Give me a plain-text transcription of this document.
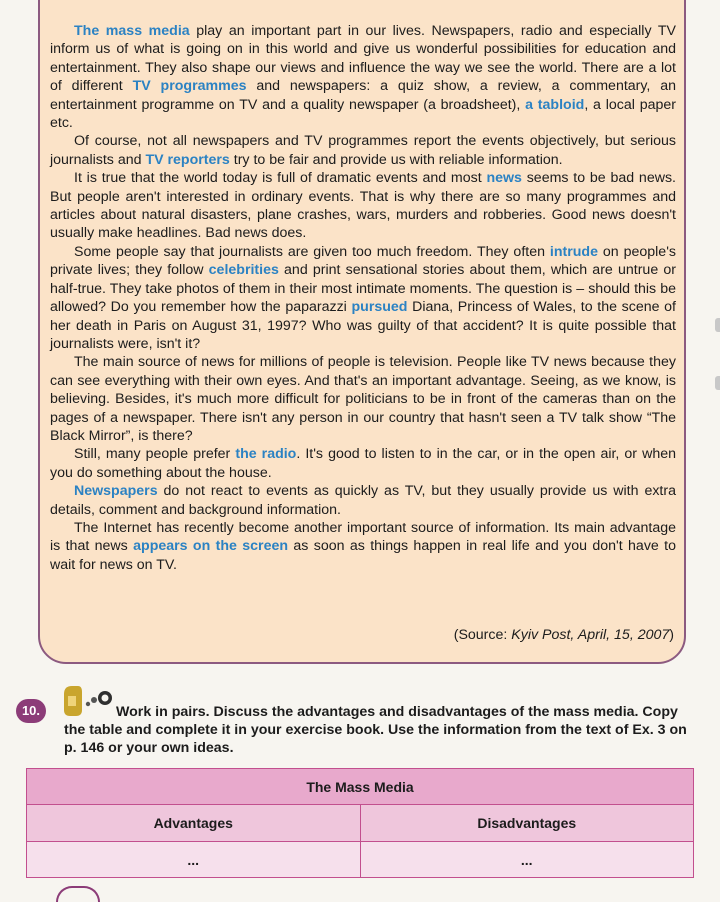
The mass media play an important part in our lives. Newspapers, radio and especially TV inform us of what is going on in this world and give us wonderful possibilities for education and entertainment. They also shape our views and influence the way we see the world. There are a lot of different TV programmes and newspapers: a quiz show, a review, a commentary, an entertainment programme on TV and a quality newspaper (a broadsheet), a tabloid, a local paper etc.

Of course, not all newspapers and TV programmes report the events objectively, but serious journalists and TV reporters try to be fair and provide us with reliable information.

It is true that the world today is full of dramatic events and most news seems to be bad news. But people aren't interested in ordinary events. That is why there are so many programmes and articles about natural disasters, plane crashes, wars, murders and robberies. Good news doesn't usually make headlines. Bad news does.

Some people say that journalists are given too much freedom. They often intrude on people's private lives; they follow celebrities and print sensational stories about them, which are untrue or half-true. They take photos of them in their most intimate moments. The question is – should this be allowed? Do you remember how the paparazzi pursued Diana, Princess of Wales, to the scene of her death in Paris on August 31, 1997? Who was guilty of that accident? It is quite possible that journalists were, isn't it?

The main source of news for millions of people is television. People like TV news because they can see everything with their own eyes. And that's an important advantage. Seeing, as we know, is believing. Besides, it's much more difficult for politicians to be in front of the cameras than on the pages of a newspaper. There isn't any person in our country that hasn't seen a TV talk show “The Black Mirror”, is there?

Still, many people prefer the radio. It's good to listen to in the car, or in the open air, or when you do something about the house.

Newspapers do not react to events as quickly as TV, but they usually provide us with extra details, comment and background information.

The Internet has recently become another important source of information. Its main advantage is that news appears on the screen as soon as things happen in real life and you don't have to wait for news on TV.

(Source: Kyiv Post, April, 15, 2007)
10.	Work in pairs. Discuss the advantages and disadvantages of the mass media. Copy the table and complete it in your exercise book. Use the information from the text of Ex. 3 on p. 146 or your own ideas.
The Mass Media	
Advantages	Disadvantages
...	...
